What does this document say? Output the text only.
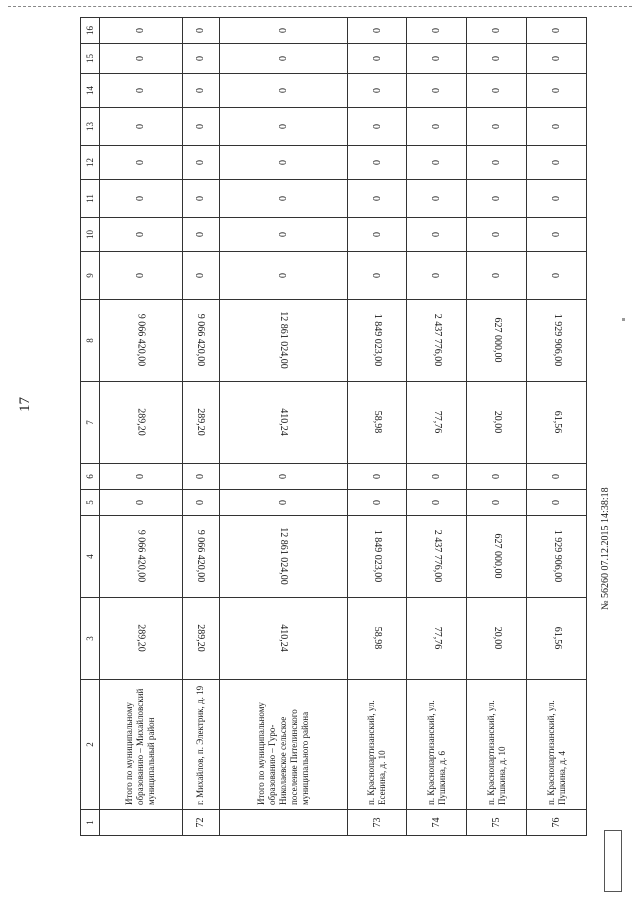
17
1	2	3	4	5	6	7	8	9	10	11	12	13	14	15	16
	Итого по муниципальному образованию – Михайловский муниципальный район	289,20	9 066 420,00	0	0	289,20	9 066 420,00	0	0	0	0	0	0	0	0
72	г. Михайлов, п. Электрик, д. 19	289,20	9 066 420,00	0	0	289,20	9 066 420,00	0	0	0	0	0	0	0	0
	Итого по муниципальному образованию – Гуро-Николаевское сельское поселение Пителинского муниципального района	410,24	12 861 024,00	0	0	410,24	12 861 024,00	0	0	0	0	0	0	0	0
73	п. Краснопартизанский, ул. Есенина, д. 10	58,98	1 849 023,00	0	0	58,98	1 849 023,00	0	0	0	0	0	0	0	0
74	п. Краснопартизанский, ул. Пушкина, д. 6	77,76	2 437 776,00	0	0	77,76	2 437 776,00	0	0	0	0	0	0	0	0
75	п. Краснопартизанский, ул. Пушкина, д. 10	20,00	627 000,00	0	0	20,00	627 000,00	0	0	0	0	0	0	0	0
76	п. Краснопартизанский, ул. Пушкина, д. 4	61,56	1 929 906,00	0	0	61,56	1 929 906,00	0	0	0	0	0	0	0	0
№ 56260 07.12.2015 14:38:18
